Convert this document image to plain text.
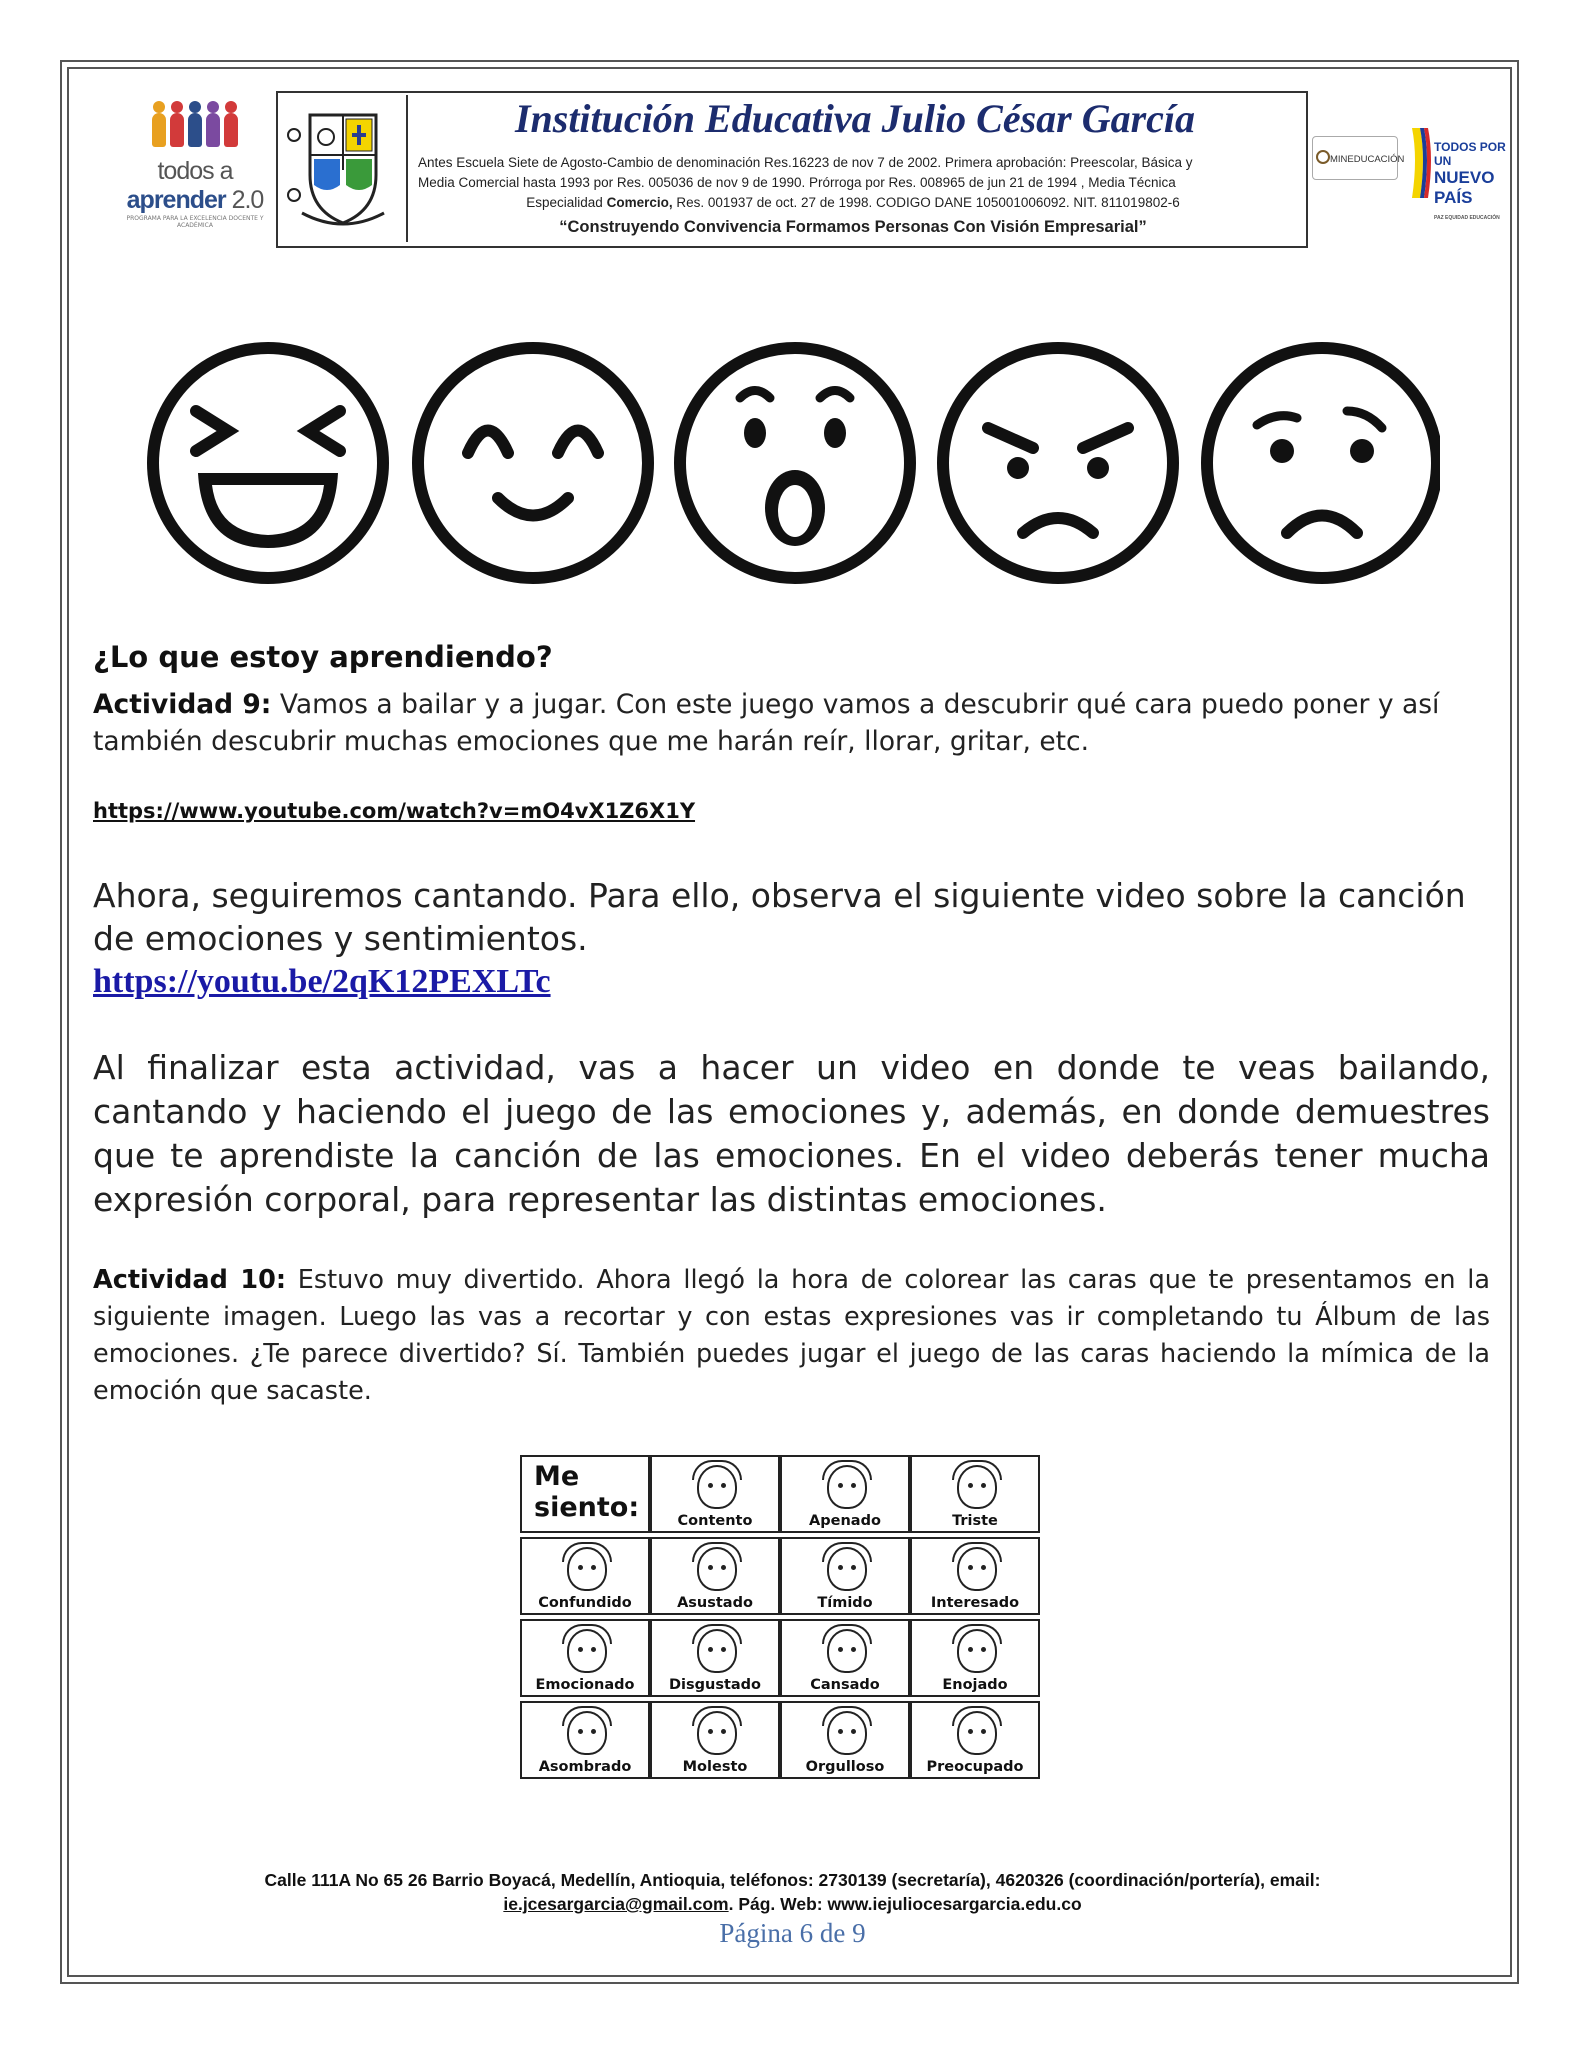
todos a aprender 2.0
PROGRAMA PARA LA EXCELENCIA DOCENTE Y ACADÉMICA
Institución Educativa Julio César García
Antes Escuela Siete de Agosto-Cambio de denominación Res.16223 de nov 7 de 2002. Primera aprobación: Preescolar, Básica y
Media Comercial hasta 1993 por Res. 005036 de nov 9 de 1990. Prórroga por Res. 008965 de jun 21 de 1994 , Media Técnica

Especialidad Comercio, Res. 001937 de oct. 27 de 1998. CODIGO DANE 105001006092. NIT. 811019802-6
“Construyendo Convivencia Formamos Personas Con Visión Empresarial”
MINEDUCACIÓN
TODOS POR UN
NUEVO PAÍS
PAZ EQUIDAD EDUCACIÓN
¿Lo que estoy aprendiendo?
Actividad 9: Vamos a bailar y a jugar. Con este juego vamos a descubrir qué cara puedo poner y así también descubrir muchas emociones que me harán reír, llorar, gritar, etc.
https://www.youtube.com/watch?v=mO4vX1Z6X1Y
Ahora, seguiremos cantando. Para ello, observa el siguiente video sobre la canción de emociones y sentimientos.
https://youtu.be/2qK12PEXLTc
Al finalizar esta actividad, vas a hacer un video en donde te veas bailando, cantando y haciendo el juego de las emociones y, además, en donde demuestres que te aprendiste la canción de las emociones. En el video deberás tener mucha expresión corporal, para representar las distintas emociones.
Actividad 10: Estuvo muy divertido. Ahora llegó la hora de colorear las caras que te presentamos en la siguiente imagen. Luego las vas a recortar y con estas expresiones vas ir completando tu Álbum de las emociones. ¿Te parece divertido? Sí. También puedes jugar el juego de las caras haciendo la mímica de la emoción que sacaste.
Me
siento:	Contento	Apenado	Triste
Confundido	Asustado	Tímido	Interesado
Emocionado	Disgustado	Cansado	Enojado
Asombrado	Molesto	Orgulloso	Preocupado
Calle 111A No 65 26 Barrio Boyacá, Medellín, Antioquia, teléfonos: 2730139 (secretaría), 4620326 (coordinación/portería), email:
ie.jcesargarcia@gmail.com. Pág. Web: www.iejuliocesargarcia.edu.co
Página 6 de 9
